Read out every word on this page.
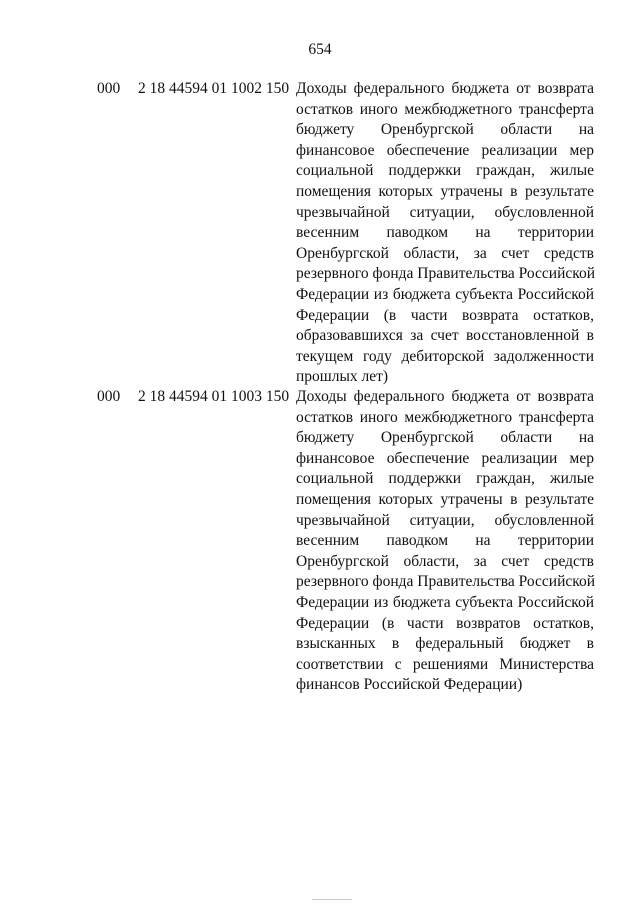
654
000 2 18 44594 01 1002 150 Доходы федерального бюджета от возврата
остатков иного межбюджетного трансферта
бюджету Оренбургской области на
финансовое обеспечение реализации мер
социальной поддержки граждан, жилые
помещения которых утрачены в результате
чрезвычайной ситуации, обусловленной
весенним паводком на территории
Оренбургской области, за счет средств
резервного фонда Правительства Российской
Федерации из бюджета субъекта Российской
Федерации (в части возврата остатков,
образовавшихся за счет восстановленной в
текущем году дебиторской задолженности
прошлых лет)
000 2 18 44594 01 1003 150 Доходы федерального бюджета от возврата
остатков иного межбюджетного трансферта
бюджету Оренбургской области на
финансовое обеспечение реализации мер
социальной поддержки граждан, жилые
помещения которых утрачены в результате
чрезвычайной ситуации, обусловленной
весенним паводком на территории
Оренбургской области, за счет средств
резервного фонда Правительства Российской
Федерации из бюджета субъекта Российской
Федерации (в части возвратов остатков,
взысканных в федеральный бюджет в
соответствии с решениями Министерства
финансов Российской Федерации)
